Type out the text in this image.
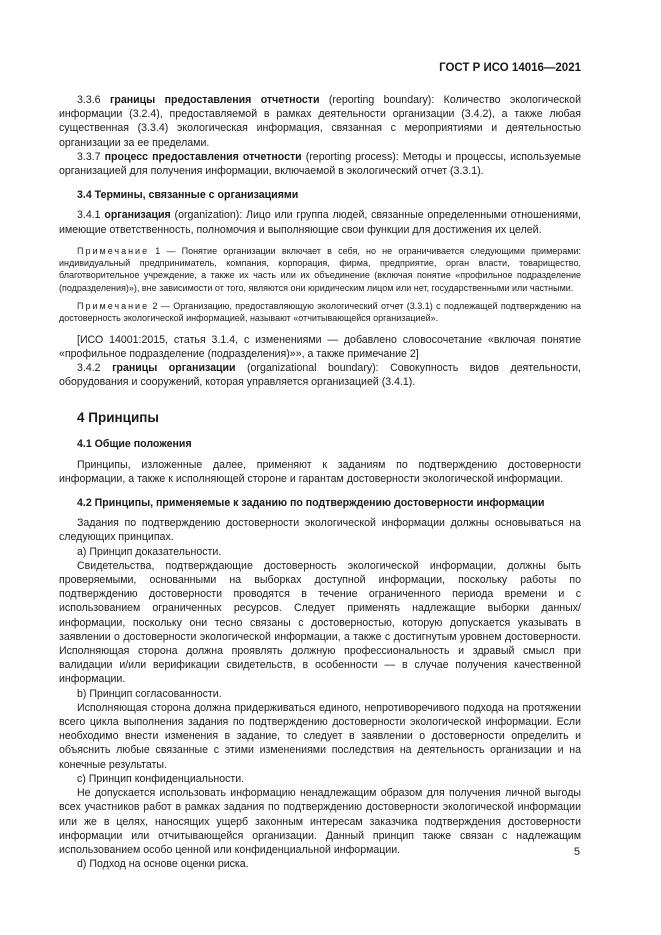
ГОСТ Р ИСО 14016—2021

3.3.6 границы предоставления отчетности (reporting boundary): Количество экологической информации (3.2.4), предоставляемой в рамках деятельности организации (3.4.2), а также любая существенная (3.3.4) экологическая информация, связанная с мероприятиями и деятельностью организации за ее пределами.

3.3.7 процесс предоставления отчетности (reporting process): Методы и процессы, используемые организацией для получения информации, включаемой в экологический отчет (3.3.1).

3.4 Термины, связанные с организациями

3.4.1 организация (organization): Лицо или группа людей, связанные определенными отношениями, имеющие ответственность, полномочия и выполняющие свои функции для достижения их целей.

Примечание 1 — Понятие организации включает в себя, но не ограничивается следующими примерами: индивидуальный предприниматель, компания, корпорация, фирма, предприятие, орган власти, товарищество, благотворительное учреждение, а также их часть или их объединение (включая понятие «профильное подразделение (подразделения)»), вне зависимости от того, являются они юридическим лицом или нет, государственными или частными.

Примечание 2 — Организацию, предоставляющую экологический отчет (3.3.1) с подлежащей подтверждению на достоверность экологической информацией, называют «отчитывающейся организацией».

[ИСО 14001:2015, статья 3.1.4, с изменениями — добавлено словосочетание «включая понятие «профильное подразделение (подразделения)»», а также примечание 2]

3.4.2 границы организации (organizational boundary): Совокупность видов деятельности, оборудования и сооружений, которая управляется организацией (3.4.1).

4 Принципы
4.1 Общие положения

Принципы, изложенные далее, применяют к заданиям по подтверждению достоверности информации, а также к исполняющей стороне и гарантам достоверности экологической информации.

4.2 Принципы, применяемые к заданию по подтверждению достоверности информации

Задания по подтверждению достоверности экологической информации должны основываться на следующих принципах.

a) Принцип доказательности.

Свидетельства, подтверждающие достоверность экологической информации, должны быть проверяемыми, основанными на выборках доступной информации, поскольку работы по подтверждению достоверности проводятся в течение ограниченного периода времени и с использованием ограниченных ресурсов. Следует применять надлежащие выборки данных/информации, поскольку они тесно связаны с достоверностью, которую допускается указывать в заявлении о достоверности экологической информации, а также с достигнутым уровнем достоверности. Исполняющая сторона должна проявлять должную профессиональность и здравый смысл при валидации и/или верификации свидетельств, в особенности — в случае получения качественной информации.

b) Принцип согласованности.

Исполняющая сторона должна придерживаться единого, непротиворечивого подхода на протяжении всего цикла выполнения задания по подтверждению достоверности экологической информации. Если необходимо внести изменения в задание, то следует в заявлении о достоверности определить и объяснить любые связанные с этими изменениями последствия на деятельность организации и на конечные результаты.

c) Принцип конфиденциальности.

Не допускается использовать информацию ненадлежащим образом для получения личной выгоды всех участников работ в рамках задания по подтверждению достоверности экологической информации или же в целях, наносящих ущерб законным интересам заказчика подтверждения достоверности информации или отчитывающейся организации. Данный принцип также связан с надлежащим использованием особо ценной или конфиденциальной информации.

d) Подход на основе оценки риска.

5
